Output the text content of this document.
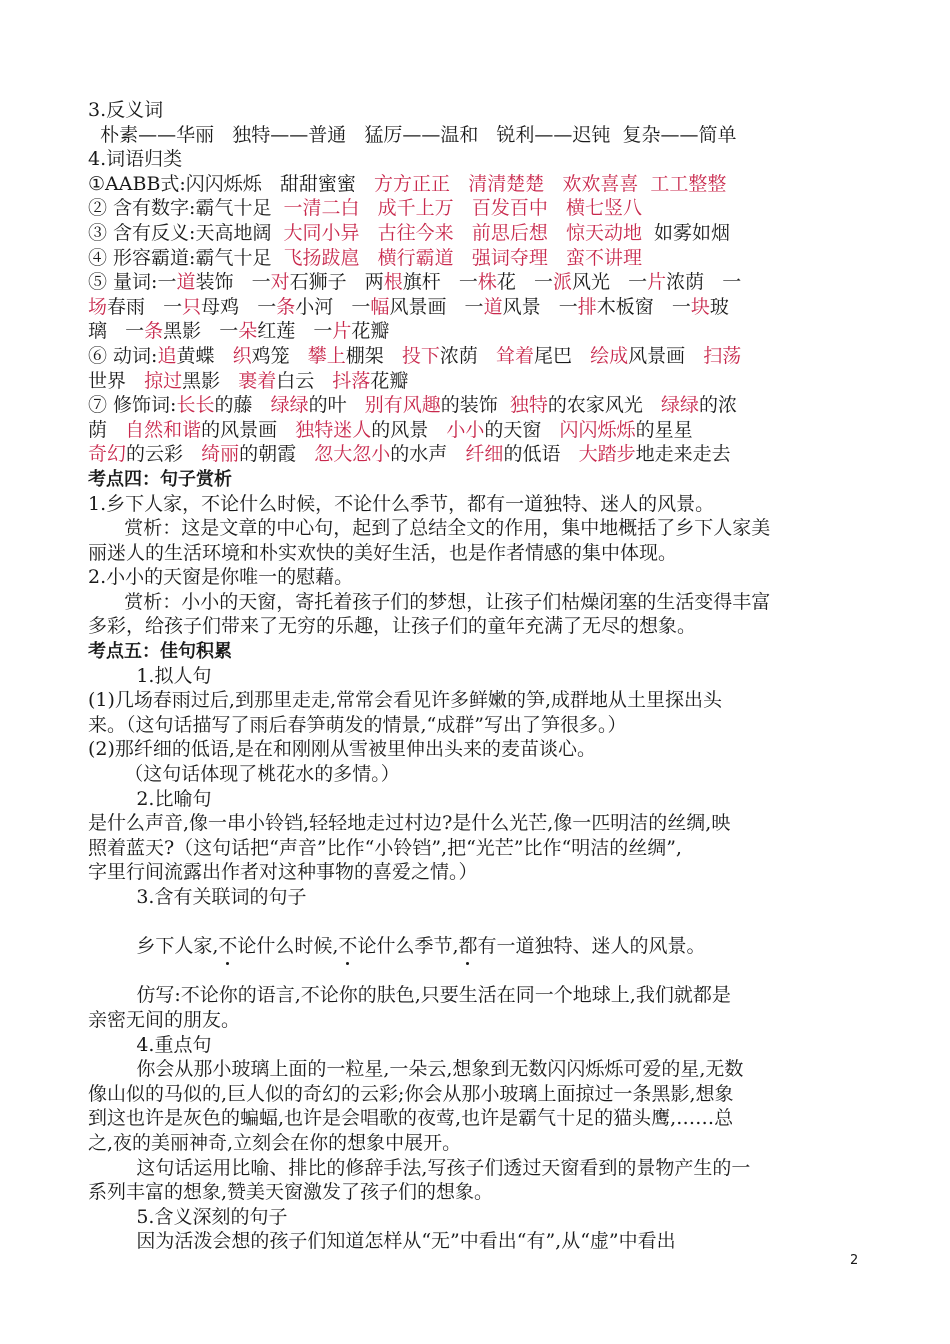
3.反义词
朴素——华丽   独特——普通   猛厉——温和   锐利——迟钝  复杂——简单
4.词语归类
①AABB式:闪闪烁烁   甜甜蜜蜜   方方正正 清清楚楚 欢欢喜喜  工工整整
② 含有数字:霸气十足  一清二白 成千上万 百发百中 横七竖八
③ 含有反义:天高地阔  大同小异 古往今来 前思后想 惊天动地  如雾如烟
④ 形容霸道:霸气十足  飞扬跋扈 横行霸道 强词夺理 蛮不讲理
⑤ 量词:一道装饰   一对石狮子   两根旗杆   一株花   一派风光   一片浓荫   一
场春雨   一只母鸡   一条小河   一幅风景画   一道风景   一排木板窗   一块玻
璃   一条黑影   一朵红莲   一片花瓣
⑥ 动词:追黄蝶   织鸡笼   攀上棚架   投下浓荫   耸着尾巴   绘成风景画   扫荡
世界   掠过黑影   裹着白云   抖落花瓣
⑦ 修饰词:长长的藤   绿绿的叶   别有风趣的装饰  独特的农家风光   绿绿的浓
荫   自然和谐的风景画   独特迷人的风景   小小的天窗   闪闪烁烁的星星
奇幻的云彩   绮丽的朝霞   忽大忽小的水声   纤细的低语   大踏步地走来走去
考点四：句子赏析
1.乡下人家，不论什么时候，不论什么季节，都有一道独特、迷人的风景。
赏析：这是文章的中心句，起到了总结全文的作用，集中地概括了乡下人家美
丽迷人的生活环境和朴实欢快的美好生活，也是作者情感的集中体现。
2.小小的天窗是你唯一的慰藉。
赏析：小小的天窗，寄托着孩子们的梦想，让孩子们枯燥闭塞的生活变得丰富
多彩，给孩子们带来了无穷的乐趣，让孩子们的童年充满了无尽的想象。
考点五：佳句积累
1.拟人句
(1)几场春雨过后,到那里走走,常常会看见许多鲜嫩的笋,成群地从土里探出头
来。（这句话描写了雨后春笋萌发的情景,“成群”写出了笋很多。）
(2)那纤细的低语,是在和刚刚从雪被里伸出头来的麦苗谈心。
（这句话体现了桃花水的多情。）
2.比喻句
是什么声音,像一串小铃铛,轻轻地走过村边?是什么光芒,像一匹明洁的丝绸,映
照着蓝天?（这句话把“声音”比作“小铃铛”,把“光芒”比作“明洁的丝绸”,
字里行间流露出作者对这种事物的喜爱之情。）
3.含有关联词的句子
乡下人家,不论什么时候,不论什么季节,都有一道独特、迷人的风景。
仿写:不论你的语言,不论你的肤色,只要生活在同一个地球上,我们就都是
亲密无间的朋友。
4.重点句
你会从那小玻璃上面的一粒星,一朵云,想象到无数闪闪烁烁可爱的星,无数
像山似的马似的,巨人似的奇幻的云彩;你会从那小玻璃上面掠过一条黑影,想象
到这也许是灰色的蝙蝠,也许是会唱歌的夜莺,也许是霸气十足的猫头鹰,……总
之,夜的美丽神奇,立刻会在你的想象中展开。
这句话运用比喻、排比的修辞手法,写孩子们透过天窗看到的景物产生的一
系列丰富的想象,赞美天窗激发了孩子们的想象。
5.含义深刻的句子
因为活泼会想的孩子们知道怎样从“无”中看出“有”,从“虚”中看出
2
